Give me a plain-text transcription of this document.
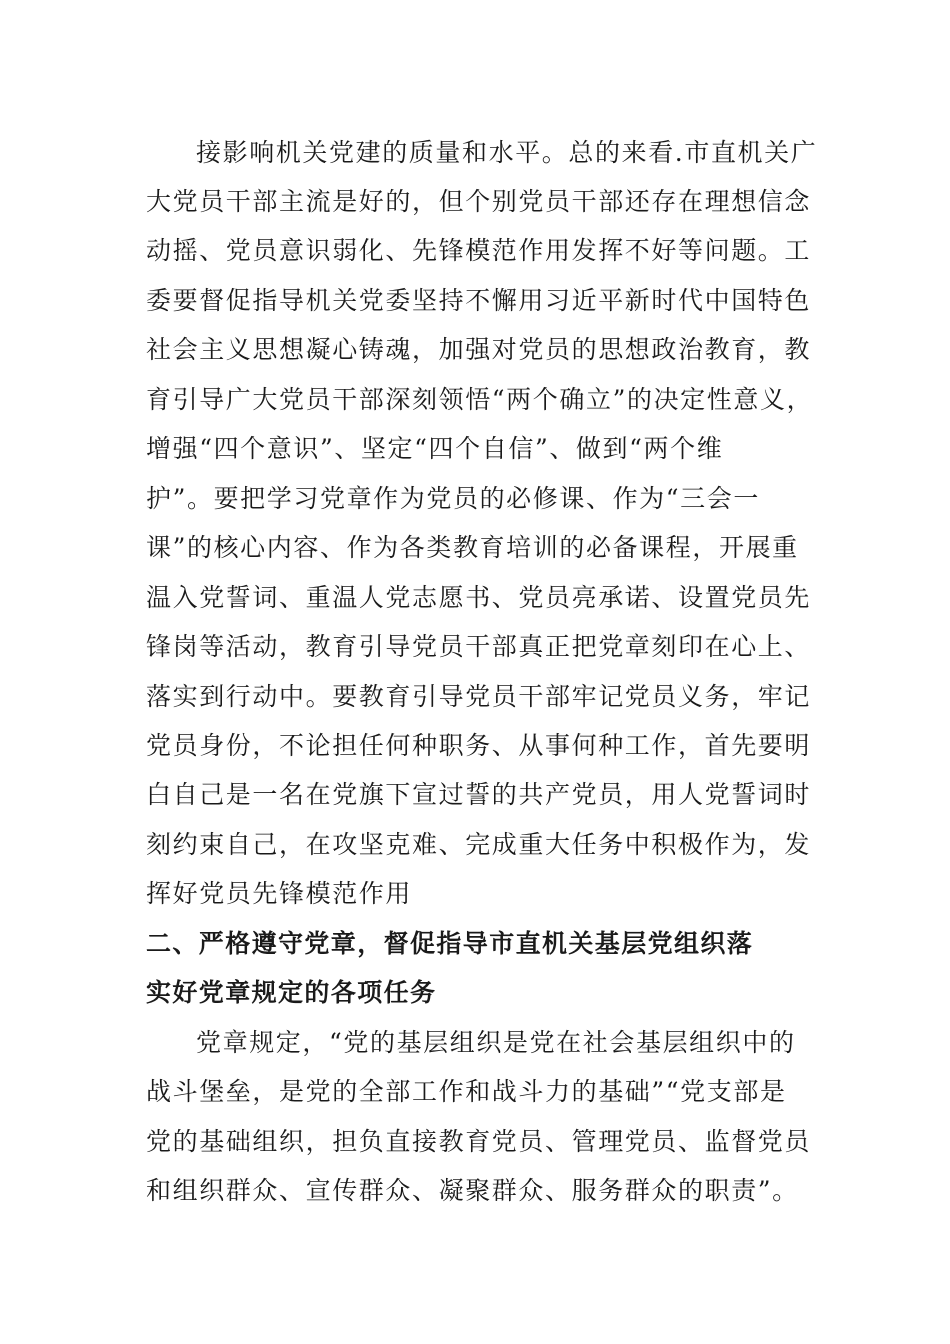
接影响机关党建的质量和水平。总的来看.市直机关广
大党员干部主流是好的，但个别党员干部还存在理想信念
动摇、党员意识弱化、先锋模范作用发挥不好等问题。工
委要督促指导机关党委坚持不懈用习近平新时代中国特色
社会主义思想凝心铸魂，加强对党员的思想政治教育，教
育引导广大党员干部深刻领悟“两个确立”的决定性意义，
增强“四个意识”、坚定“四个自信”、做到“两个维
护”。要把学习党章作为党员的必修课、作为“三会一
课”的核心内容、作为各类教育培训的必备课程，开展重
温入党誓词、重温人党志愿书、党员亮承诺、设置党员先
锋岗等活动，教育引导党员干部真正把党章刻印在心上、
落实到行动中。要教育引导党员干部牢记党员义务，牢记
党员身份，不论担任何种职务、从事何种工作，首先要明
白自己是一名在党旗下宣过誓的共产党员，用人党誓词时
刻约束自己，在攻坚克难、完成重大任务中积极作为，发
挥好党员先锋模范作用
二、严格遵守党章，督促指导市直机关基层党组织落
实好党章规定的各项任务
党章规定，“党的基层组织是党在社会基层组织中的
战斗堡垒，是党的全部工作和战斗力的基础”“党支部是
党的基础组织，担负直接教育党员、管理党员、监督党员
和组织群众、宣传群众、凝聚群众、服务群众的职责”。
